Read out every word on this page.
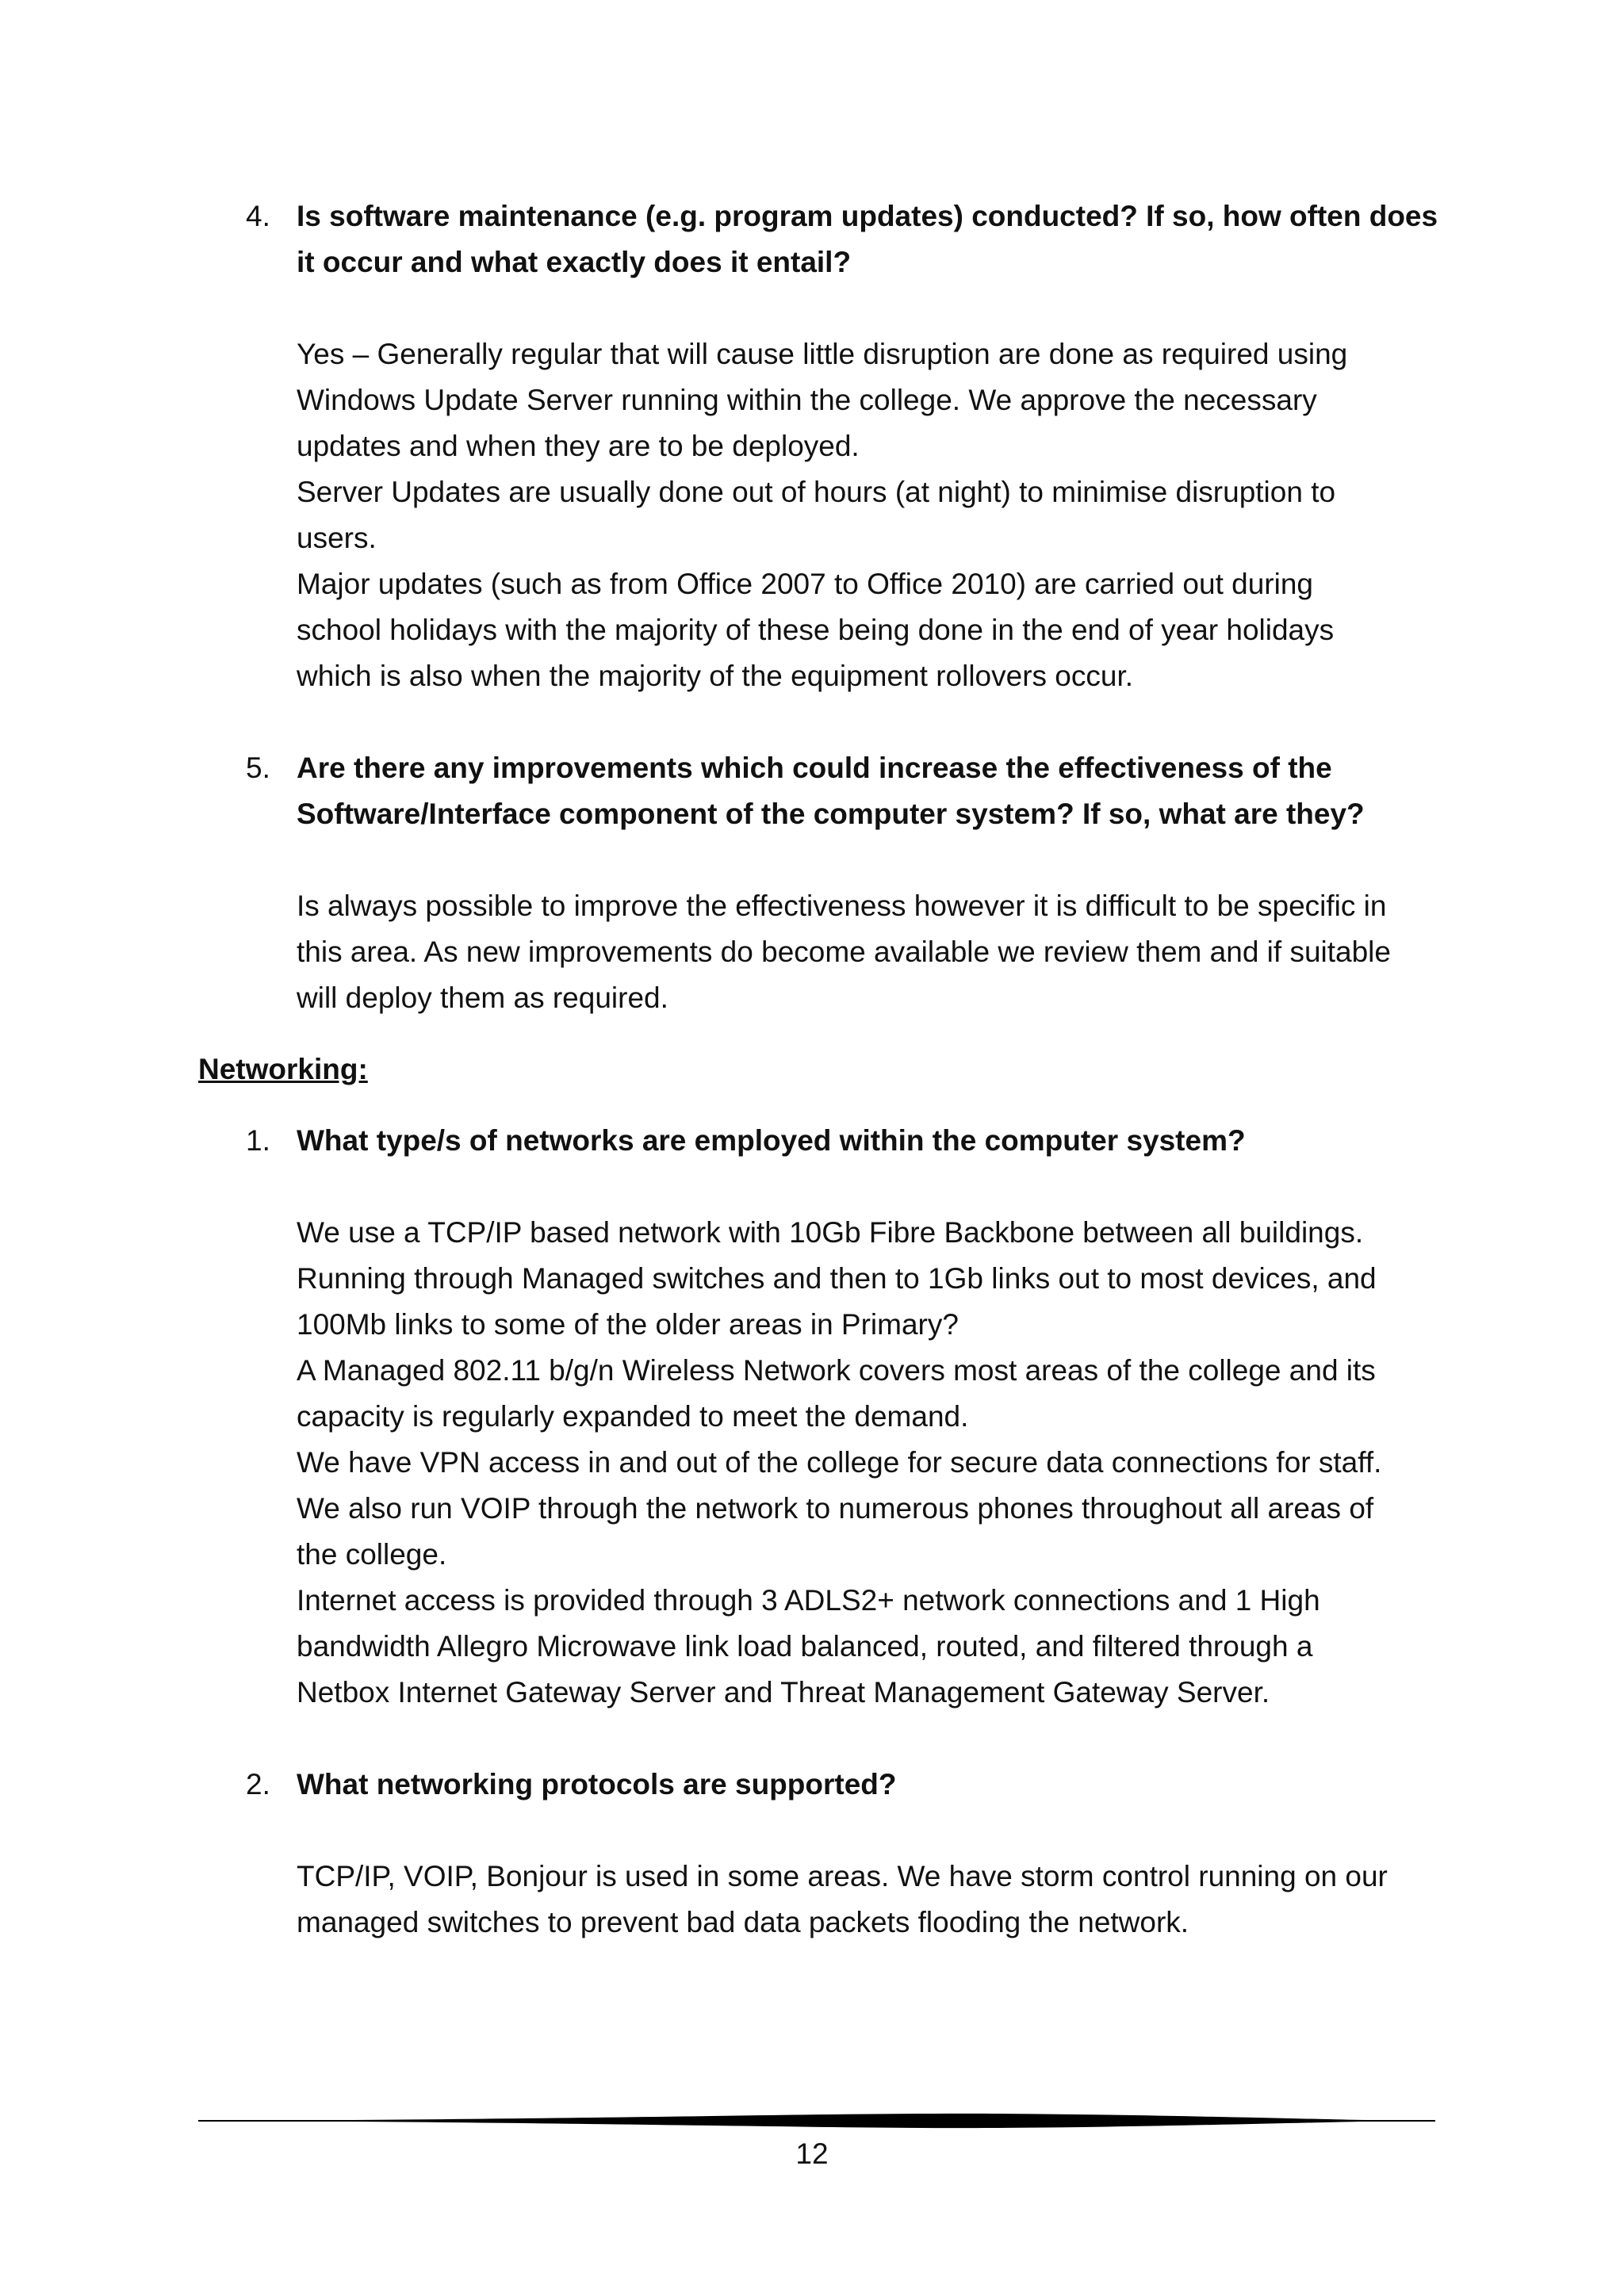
4. Is software maintenance (e.g. program updates) conducted? If so, how often does
it occur and what exactly does it entail?
Yes – Generally regular that will cause little disruption are done as required using
Windows Update Server running within the college. We approve the necessary
updates and when they are to be deployed.
Server Updates are usually done out of hours (at night) to minimise disruption to
users.
Major updates (such as from Office 2007 to Office 2010) are carried out during
school holidays with the majority of these being done in the end of year holidays
which is also when the majority of the equipment rollovers occur.
5. Are there any improvements which could increase the effectiveness of the
Software/Interface component of the computer system? If so, what are they?
Is always possible to improve the effectiveness however it is difficult to be specific in
this area. As new improvements do become available we review them and if suitable
will deploy them as required.
Networking:
1. What type/s of networks are employed within the computer system?
We use a TCP/IP based network with 10Gb Fibre Backbone between all buildings.
Running through Managed switches and then to 1Gb links out to most devices, and
100Mb links to some of the older areas in Primary?
A Managed 802.11 b/g/n Wireless Network covers most areas of the college and its
capacity is regularly expanded to meet the demand.
We have VPN access in and out of the college for secure data connections for staff.
We also run VOIP through the network to numerous phones throughout all areas of
the college.
Internet access is provided through 3 ADLS2+ network connections and 1 High
bandwidth Allegro Microwave link load balanced, routed, and filtered through a
Netbox Internet Gateway Server and Threat Management Gateway Server.
2. What networking protocols are supported?
TCP/IP, VOIP, Bonjour is used in some areas. We have storm control running on our
managed switches to prevent bad data packets flooding the network.
12
